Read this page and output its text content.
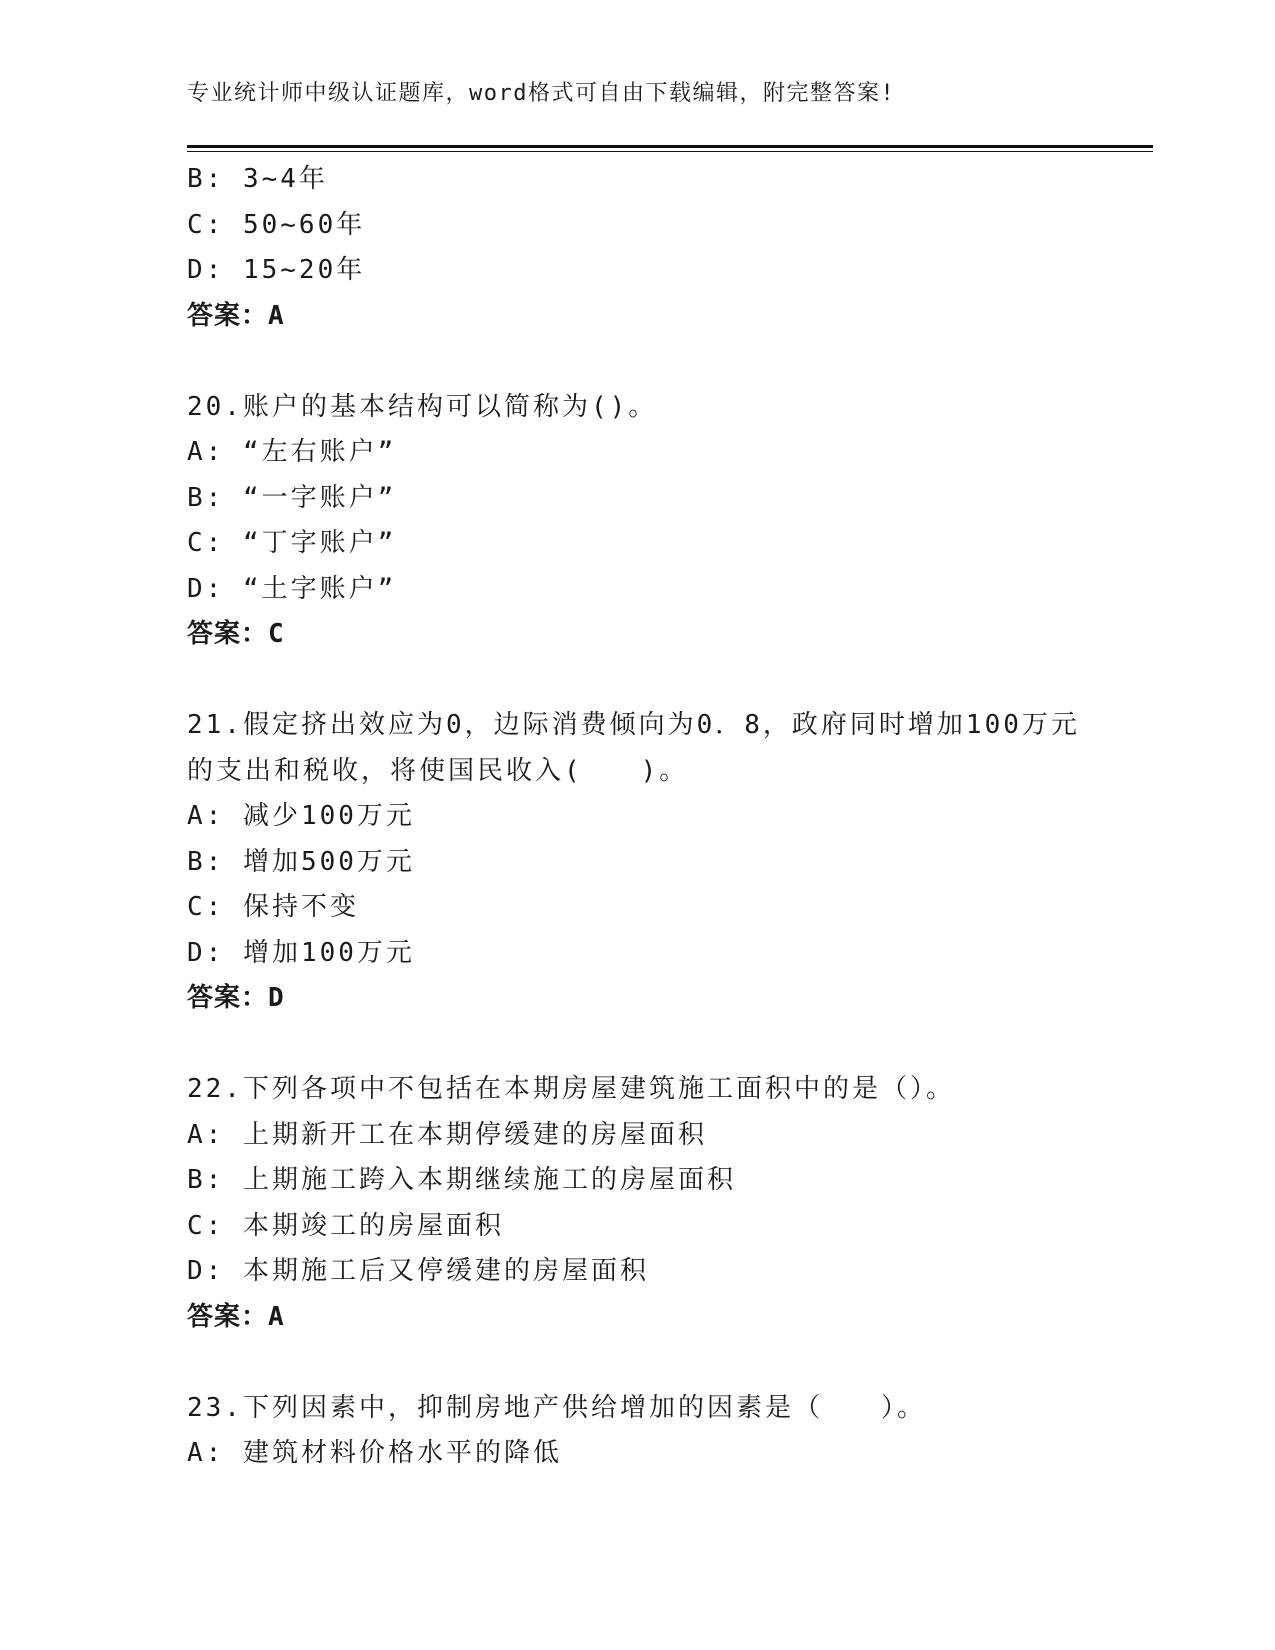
专业统计师中级认证题库，word格式可自由下载编辑，附完整答案!
B: 3~4年
C: 50~60年
D: 15~20年
答案：A
20.账户的基本结构可以简称为()。
A: “左右账户”
B: “一字账户”
C: “丁字账户”
D: “土字账户”
答案：C
21.假定挤出效应为0，边际消费倾向为0．8，政府同时增加100万元
的支出和税收，将使国民收入(　　)。
A: 减少100万元
B: 增加500万元
C: 保持不变
D: 增加100万元
答案：D
22.下列各项中不包括在本期房屋建筑施工面积中的是（）。
A: 上期新开工在本期停缓建的房屋面积
B: 上期施工跨入本期继续施工的房屋面积
C: 本期竣工的房屋面积
D: 本期施工后又停缓建的房屋面积
答案：A
23.下列因素中，抑制房地产供给增加的因素是（　　）。
A: 建筑材料价格水平的降低
